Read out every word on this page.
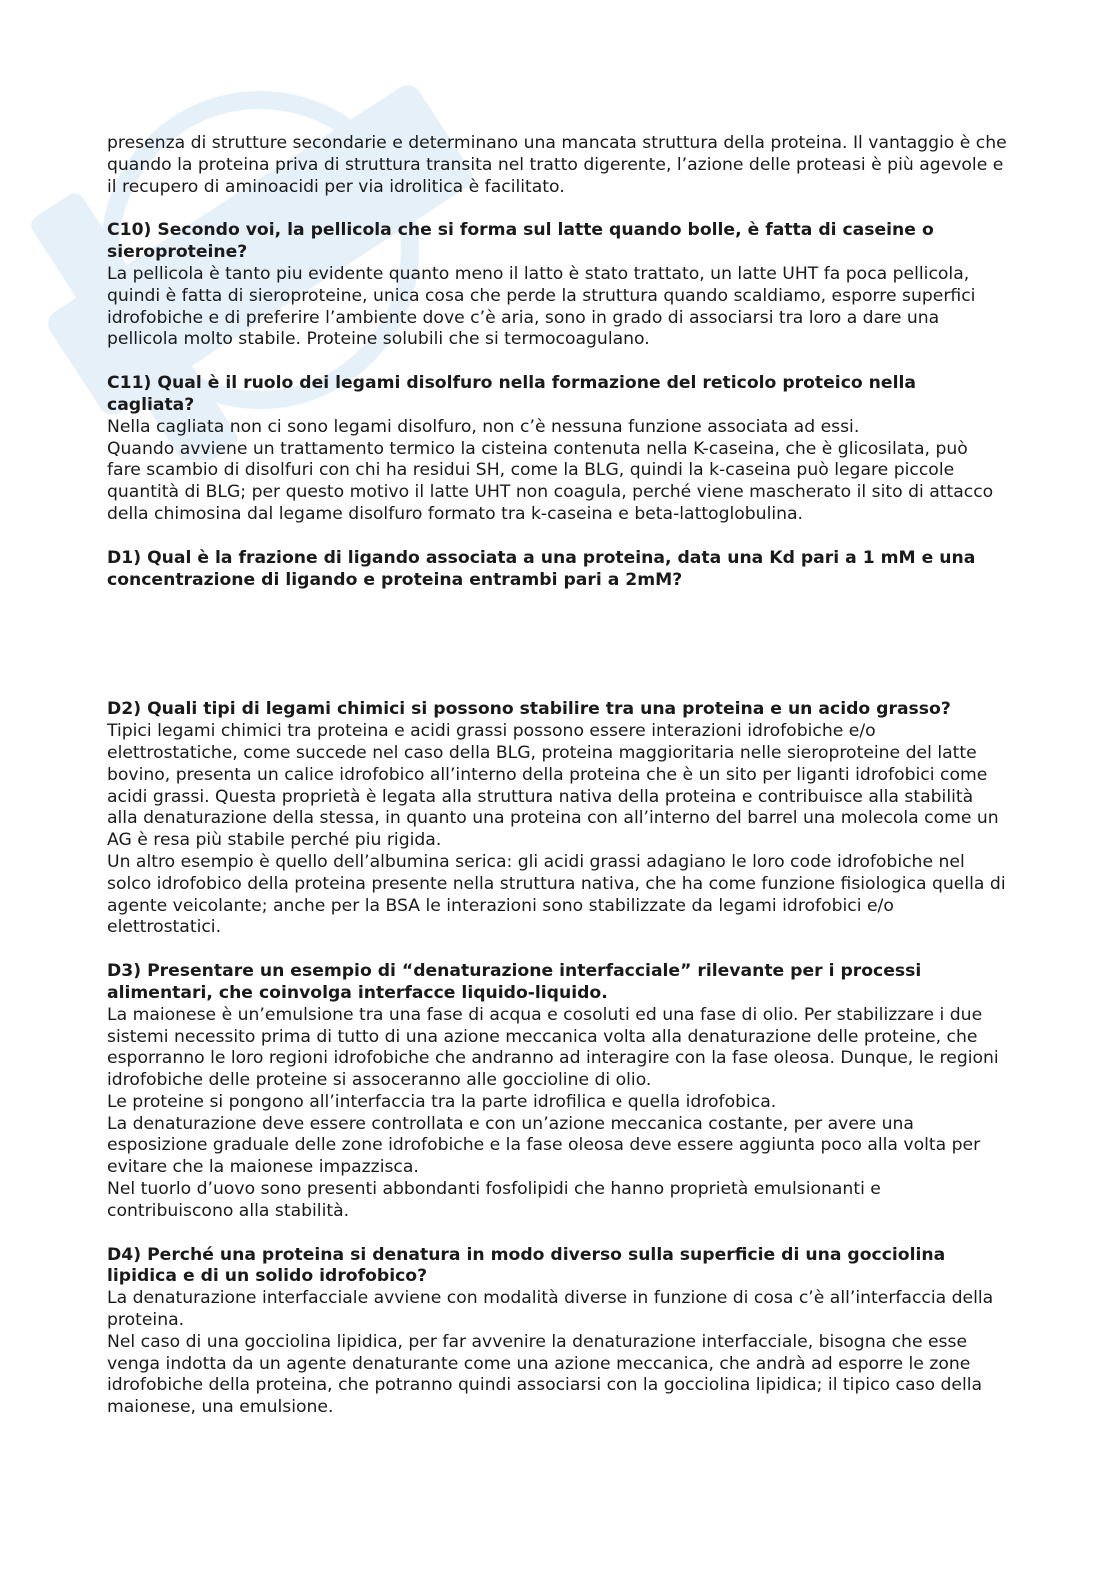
presenza di strutture secondarie e determinano una mancata struttura della proteina. Il vantaggio è che quando la proteina priva di struttura transita nel tratto digerente, l’azione delle proteasi è più agevole e il recupero di aminoacidi per via idrolitica è facilitato.

C10) Secondo voi, la pellicola che si forma sul latte quando bolle, è fatta di caseine o sieroproteine?

La pellicola è tanto piu evidente quanto meno il latto è stato trattato, un latte UHT fa poca pellicola, quindi è fatta di sieroproteine, unica cosa che perde la struttura quando scaldiamo, esporre superfici idrofobiche e di preferire l’ambiente dove c’è aria, sono in grado di associarsi tra loro a dare una pellicola molto stabile. Proteine solubili che si termocoagulano.

C11) Qual è il ruolo dei legami disolfuro nella formazione del reticolo proteico nella cagliata?

Nella cagliata non ci sono legami disolfuro, non c’è nessuna funzione associata ad essi.

Quando avviene un trattamento termico la cisteina contenuta nella K-caseina, che è glicosilata, può fare scambio di disolfuri con chi ha residui SH, come la BLG, quindi la k-caseina può legare piccole quantità di BLG; per questo motivo il latte UHT non coagula, perché viene mascherato il sito di attacco della chimosina dal legame disolfuro formato tra k-caseina e beta-lattoglobulina.

D1) Qual è la frazione di ligando associata a una proteina, data una Kd pari a 1 mM e una concentrazione di ligando e proteina entrambi pari a 2mM?

D2) Quali tipi di legami chimici si possono stabilire tra una proteina e un acido grasso?

Tipici legami chimici tra proteina e acidi grassi possono essere interazioni idrofobiche e/o elettrostatiche, come succede nel caso della BLG, proteina maggioritaria nelle sieroproteine del latte bovino, presenta un calice idrofobico all’interno della proteina che è un sito per liganti idrofobici come acidi grassi. Questa proprietà è legata alla struttura nativa della proteina e contribuisce alla stabilità alla denaturazione della stessa, in quanto una proteina con all’interno del barrel una molecola come un AG è resa più stabile perché piu rigida.

Un altro esempio è quello dell’albumina serica: gli acidi grassi adagiano le loro code idrofobiche nel solco idrofobico della proteina presente nella struttura nativa, che ha come funzione fisiologica quella di agente veicolante; anche per la BSA le interazioni sono stabilizzate da legami idrofobici e/o elettrostatici.

D3) Presentare un esempio di “denaturazione interfacciale” rilevante per i processi alimentari, che coinvolga interfacce liquido-liquido.

La maionese è un’emulsione tra una fase di acqua e cosoluti ed una fase di olio. Per stabilizzare i due sistemi necessito prima di tutto di una azione meccanica volta alla denaturazione delle proteine, che esporranno le loro regioni idrofobiche che andranno ad interagire con la fase oleosa. Dunque, le regioni idrofobiche delle proteine si assoceranno alle goccioline di olio.

Le proteine si pongono all’interfaccia tra la parte idrofilica e quella idrofobica.

La denaturazione deve essere controllata e con un’azione meccanica costante, per avere una esposizione graduale delle zone idrofobiche e la fase oleosa deve essere aggiunta poco alla volta per evitare che la maionese impazzisca.

Nel tuorlo d’uovo sono presenti abbondanti fosfolipidi che hanno proprietà emulsionanti e contribuiscono alla stabilità.

D4) Perché una proteina si denatura in modo diverso sulla superficie di una gocciolina lipidica e di un solido idrofobico?

La denaturazione interfacciale avviene con modalità diverse in funzione di cosa c’è all’interfaccia della proteina.

Nel caso di una gocciolina lipidica, per far avvenire la denaturazione interfacciale, bisogna che esse venga indotta da un agente denaturante come una azione meccanica, che andrà ad esporre le zone idrofobiche della proteina, che potranno quindi associarsi con la gocciolina lipidica; il tipico caso della maionese, una emulsione.
